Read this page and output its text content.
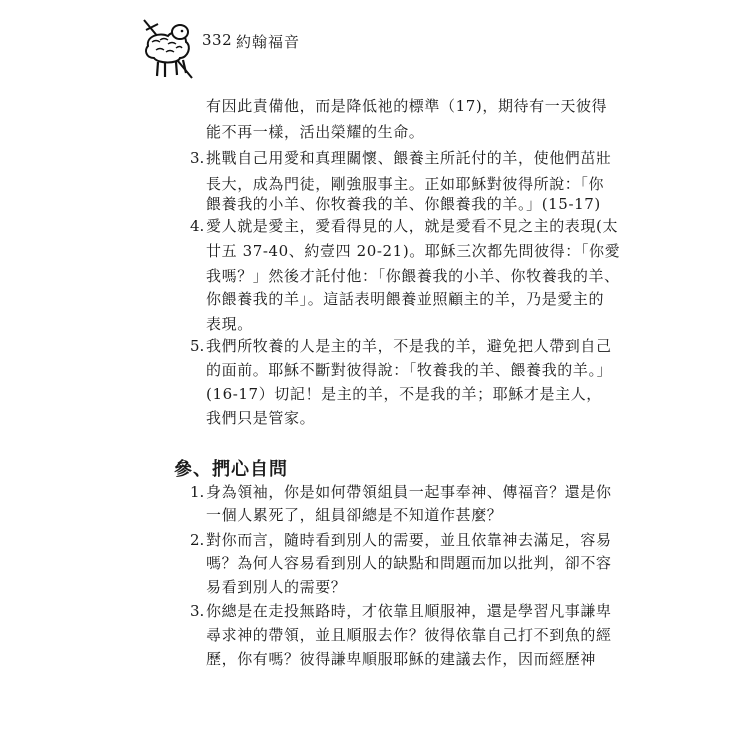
332 約翰福音
有因此責備他，而是降低祂的標準（17)，期待有一天彼得
能不再一樣，活出榮耀的生命。
3. 挑戰自己用愛和真理關懷、餵養主所託付的羊，使他們茁壯
長大，成為門徒，剛強服事主。正如耶穌對彼得所說：「你
餵養我的小羊、你牧養我的羊、你餵養我的羊。」(15-17)
4. 愛人就是愛主，愛看得見的人，就是愛看不見之主的表現(太
廿五 37-40、約壹四 20-21)。耶穌三次都先問彼得：「你愛
我嗎？」然後才託付他：「你餵養我的小羊、你牧養我的羊、
你餵養我的羊」。這話表明餵養並照顧主的羊，乃是愛主的
表現。
5. 我們所牧養的人是主的羊，不是我的羊，避免把人帶到自己
的面前。耶穌不斷對彼得說：「牧養我的羊、餵養我的羊。」
(16-17）切記！是主的羊，不是我的羊；耶穌才是主人，
我們只是管家。
參、捫心自問
1. 身為領袖，你是如何帶領組員一起事奉神、傳福音？還是你
一個人累死了，組員卻總是不知道作甚麼？
2. 對你而言，隨時看到別人的需要，並且依靠神去滿足，容易
嗎？為何人容易看到別人的缺點和問題而加以批判，卻不容
易看到別人的需要？
3. 你總是在走投無路時，才依靠且順服神，還是學習凡事謙卑
尋求神的帶領，並且順服去作？彼得依靠自己打不到魚的經
歷，你有嗎？彼得謙卑順服耶穌的建議去作，因而經歷神
